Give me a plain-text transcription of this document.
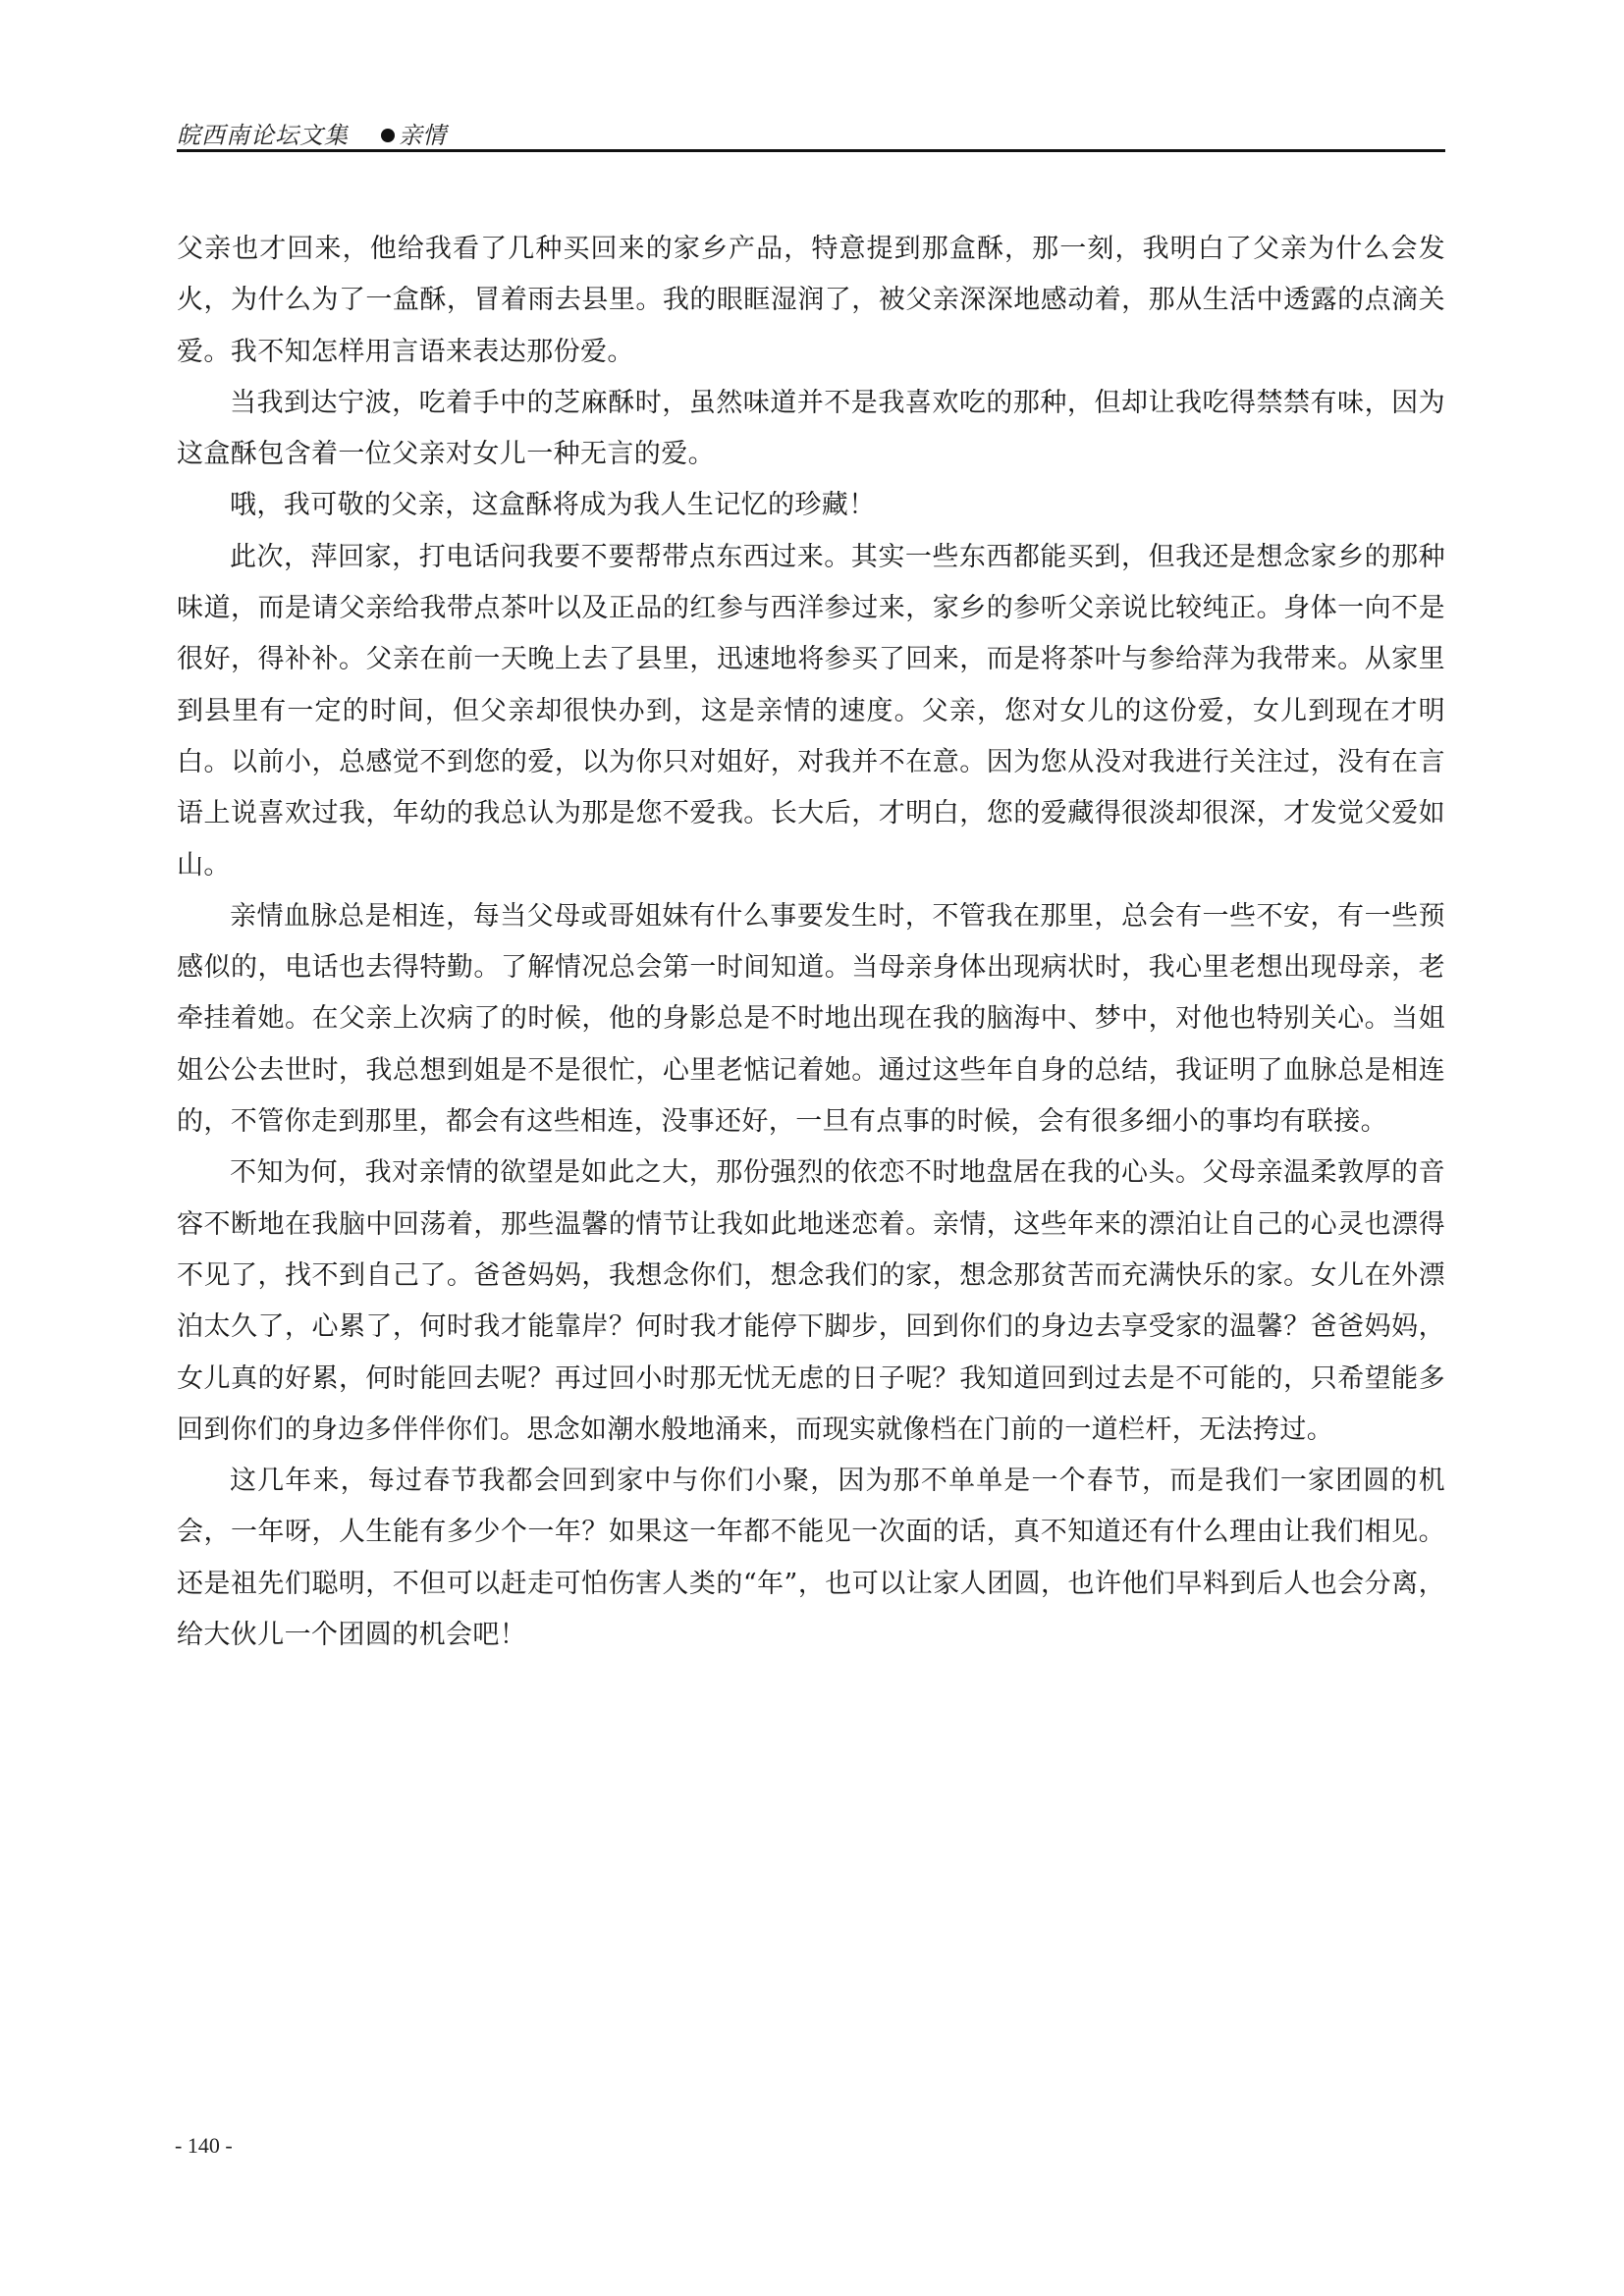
皖西南论坛文集	亲情

父亲也才回来，他给我看了几种买回来的家乡产品，特意提到那盒酥，那一刻，我明白了父亲为什么会发火，为什么为了一盒酥，冒着雨去县里。我的眼眶湿润了，被父亲深深地感动着，那从生活中透露的点滴关爱。我不知怎样用言语来表达那份爱。

当我到达宁波，吃着手中的芝麻酥时，虽然味道并不是我喜欢吃的那种，但却让我吃得禁禁有味，因为这盒酥包含着一位父亲对女儿一种无言的爱。

哦，我可敬的父亲，这盒酥将成为我人生记忆的珍藏！

此次，萍回家，打电话问我要不要帮带点东西过来。其实一些东西都能买到，但我还是想念家乡的那种味道，而是请父亲给我带点茶叶以及正品的红参与西洋参过来，家乡的参听父亲说比较纯正。身体一向不是很好，得补补。父亲在前一天晚上去了县里，迅速地将参买了回来，而是将茶叶与参给萍为我带来。从家里到县里有一定的时间，但父亲却很快办到，这是亲情的速度。父亲，您对女儿的这份爱，女儿到现在才明白。以前小，总感觉不到您的爱，以为你只对姐好，对我并不在意。因为您从没对我进行关注过，没有在言语上说喜欢过我，年幼的我总认为那是您不爱我。长大后，才明白，您的爱藏得很淡却很深，才发觉父爱如山。

亲情血脉总是相连，每当父母或哥姐妹有什么事要发生时，不管我在那里，总会有一些不安，有一些预感似的，电话也去得特勤。了解情况总会第一时间知道。当母亲身体出现病状时，我心里老想出现母亲，老牵挂着她。在父亲上次病了的时候，他的身影总是不时地出现在我的脑海中、梦中，对他也特别关心。当姐姐公公去世时，我总想到姐是不是很忙，心里老惦记着她。通过这些年自身的总结，我证明了血脉总是相连的，不管你走到那里，都会有这些相连，没事还好，一旦有点事的时候，会有很多细小的事均有联接。

不知为何，我对亲情的欲望是如此之大，那份强烈的依恋不时地盘居在我的心头。父母亲温柔敦厚的音容不断地在我脑中回荡着，那些温馨的情节让我如此地迷恋着。亲情，这些年来的漂泊让自己的心灵也漂得不见了，找不到自己了。爸爸妈妈，我想念你们，想念我们的家，想念那贫苦而充满快乐的家。女儿在外漂泊太久了，心累了，何时我才能靠岸？何时我才能停下脚步，回到你们的身边去享受家的温馨？爸爸妈妈，女儿真的好累，何时能回去呢？再过回小时那无忧无虑的日子呢？我知道回到过去是不可能的，只希望能多回到你们的身边多伴伴你们。思念如潮水般地涌来，而现实就像档在门前的一道栏杆，无法挎过。

这几年来，每过春节我都会回到家中与你们小聚，因为那不单单是一个春节，而是我们一家团圆的机会，一年呀，人生能有多少个一年？如果这一年都不能见一次面的话，真不知道还有什么理由让我们相见。还是祖先们聪明，不但可以赶走可怕伤害人类的“年”，也可以让家人团圆，也许他们早料到后人也会分离，给大伙儿一个团圆的机会吧！

- 140 -
